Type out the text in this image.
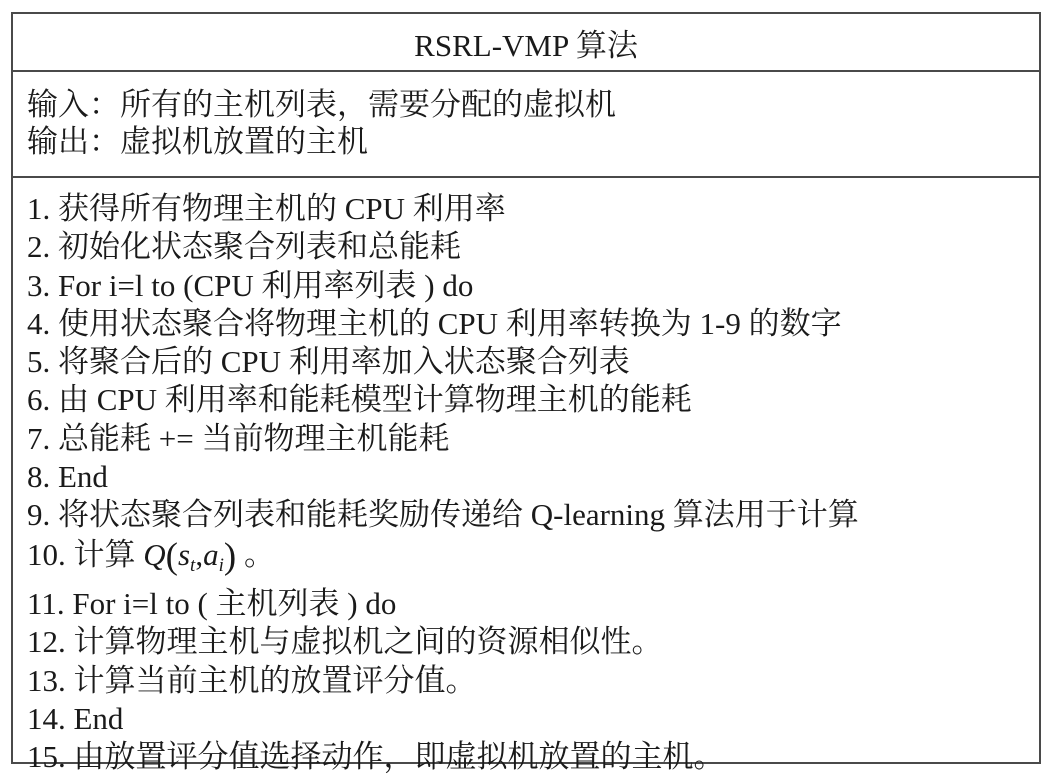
RSRL-VMP 算法
输入：所有的主机列表，需要分配的虚拟机
输出：虚拟机放置的主机
1. 获得所有物理主机的 CPU 利用率
2. 初始化状态聚合列表和总能耗
3. For i=l to (CPU 利用率列表 ) do
4. 使用状态聚合将物理主机的 CPU 利用率转换为 1-9 的数字
5. 将聚合后的 CPU 利用率加入状态聚合列表
6. 由 CPU 利用率和能耗模型计算物理主机的能耗
7. 总能耗 += 当前物理主机能耗
8. End
9. 将状态聚合列表和能耗奖励传递给 Q-learning 算法用于计算
10. 计算 $Q(s_t,a_i)$ 。
11. For i=l to ( 主机列表 ) do
12. 计算物理主机与虚拟机之间的资源相似性。
13. 计算当前主机的放置评分值。
14. End
15. 由放置评分值选择动作，即虚拟机放置的主机。
